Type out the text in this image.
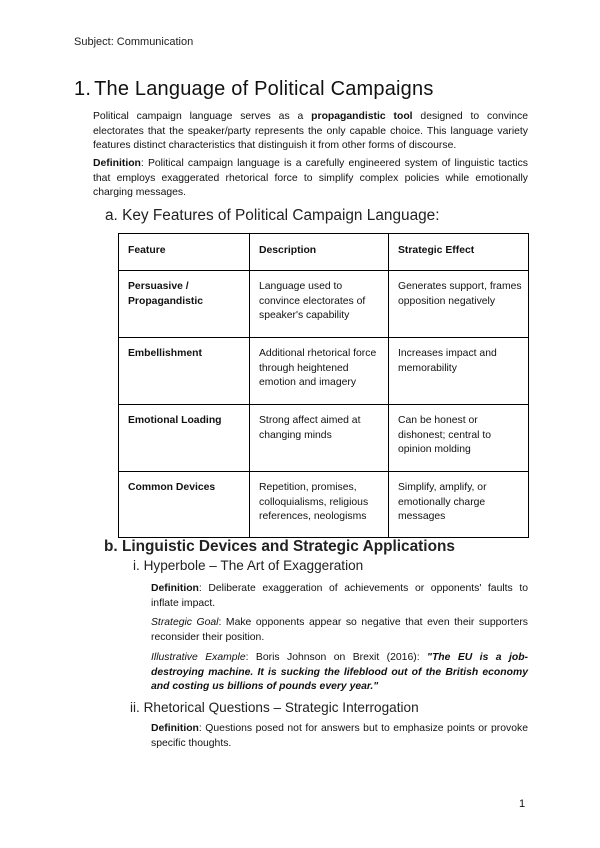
Subject: Communication
1. The Language of Political Campaigns

Political campaign language serves as a propagandistic tool designed to convince electorates that the speaker/party represents the only capable choice. This language variety features distinct characteristics that distinguish it from other forms of discourse.

Definition: Political campaign language is a carefully engineered system of linguistic tactics that employs exaggerated rhetorical force to simplify complex policies while emotionally charging messages.

a. Key Features of Political Campaign Language:
Feature	Description	Strategic Effect
Persuasive / Propagandistic	Language used to convince electorates of speaker's capability	Generates support, frames opposition negatively
Embellishment	Additional rhetorical force through heightened emotion and imagery	Increases impact and memorability
Emotional Loading	Strong affect aimed at changing minds	Can be honest or dishonest; central to opinion molding
Common Devices	Repetition, promises, colloquialisms, religious references, neologisms	Simplify, amplify, or emotionally charge messages
b. Linguistic Devices and Strategic Applications
i. Hyperbole – The Art of Exaggeration

Definition: Deliberate exaggeration of achievements or opponents' faults to inflate impact.

Strategic Goal: Make opponents appear so negative that even their supporters reconsider their position.

Illustrative Example: Boris Johnson on Brexit (2016): "The EU is a job-destroying machine. It is sucking the lifeblood out of the British economy and costing us billions of pounds every year."

ii. Rhetorical Questions – Strategic Interrogation

Definition: Questions posed not for answers but to emphasize points or provoke specific thoughts.

1
